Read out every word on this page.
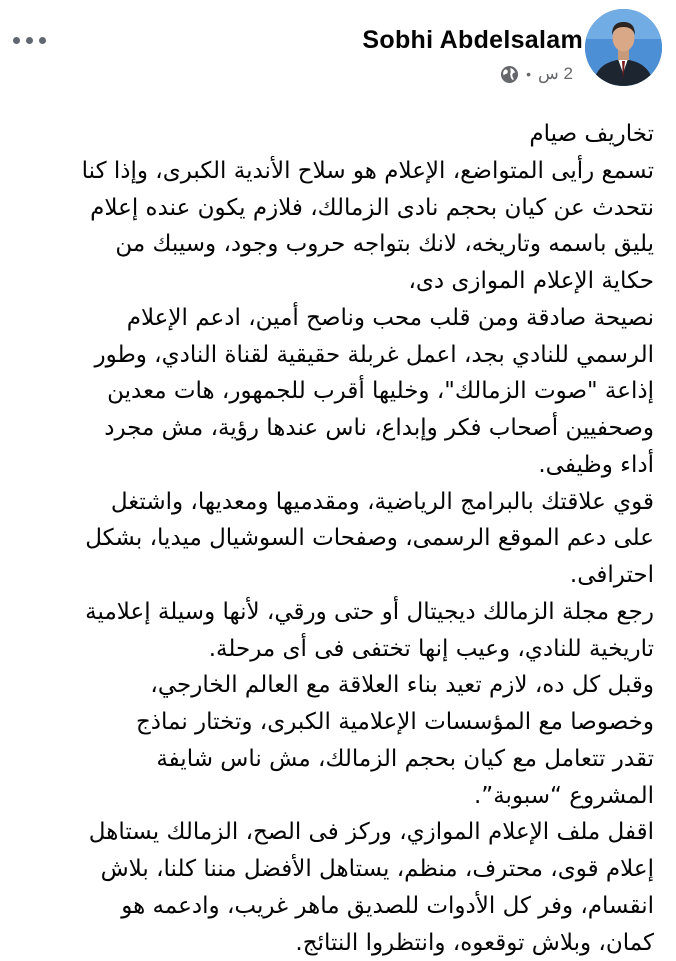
Sobhi Abdelsalam
• 2 س

تخاريف صيام

تسمع رأيى المتواضع، الإعلام هو سلاح الأندية الكبرى، وإذا كنا

نتحدث عن كيان بحجم نادى الزمالك، فلازم يكون عنده إعلام

يليق باسمه وتاريخه، لانك بتواجه حروب وجود، وسيبك من

حكاية الإعلام الموازى دى،

نصيحة صادقة ومن قلب محب وناصح أمين، ادعم الإعلام

الرسمي للنادي بجد، اعمل غربلة حقيقية لقناة النادي، وطور

إذاعة "صوت الزمالك"، وخليها أقرب للجمهور، هات معدين

وصحفيين أصحاب فكر وإبداع، ناس عندها رؤية، مش مجرد

أداء وظيفى.

قوي علاقتك بالبرامج الرياضية، ومقدميها ومعديها، واشتغل

على دعم الموقع الرسمى، وصفحات السوشيال ميديا، بشكل

احترافى.

رجع مجلة الزمالك ديجيتال أو حتى ورقي، لأنها وسيلة إعلامية

تاريخية للنادي، وعيب إنها تختفى فى أى مرحلة.

وقبل كل ده، لازم تعيد بناء العلاقة مع العالم الخارجي،

وخصوصا مع المؤسسات الإعلامية الكبرى، وتختار نماذج

تقدر تتعامل مع كيان بحجم الزمالك، مش ناس شايفة

المشروع “سبوبة”.

اقفل ملف الإعلام الموازي، وركز فى الصح، الزمالك يستاهل

إعلام قوى، محترف، منظم، يستاهل الأفضل مننا كلنا، بلاش

انقسام، وفر كل الأدوات للصديق ماهر غريب، وادعمه هو

كمان، وبلاش توقعوه، وانتظروا النتائج.
